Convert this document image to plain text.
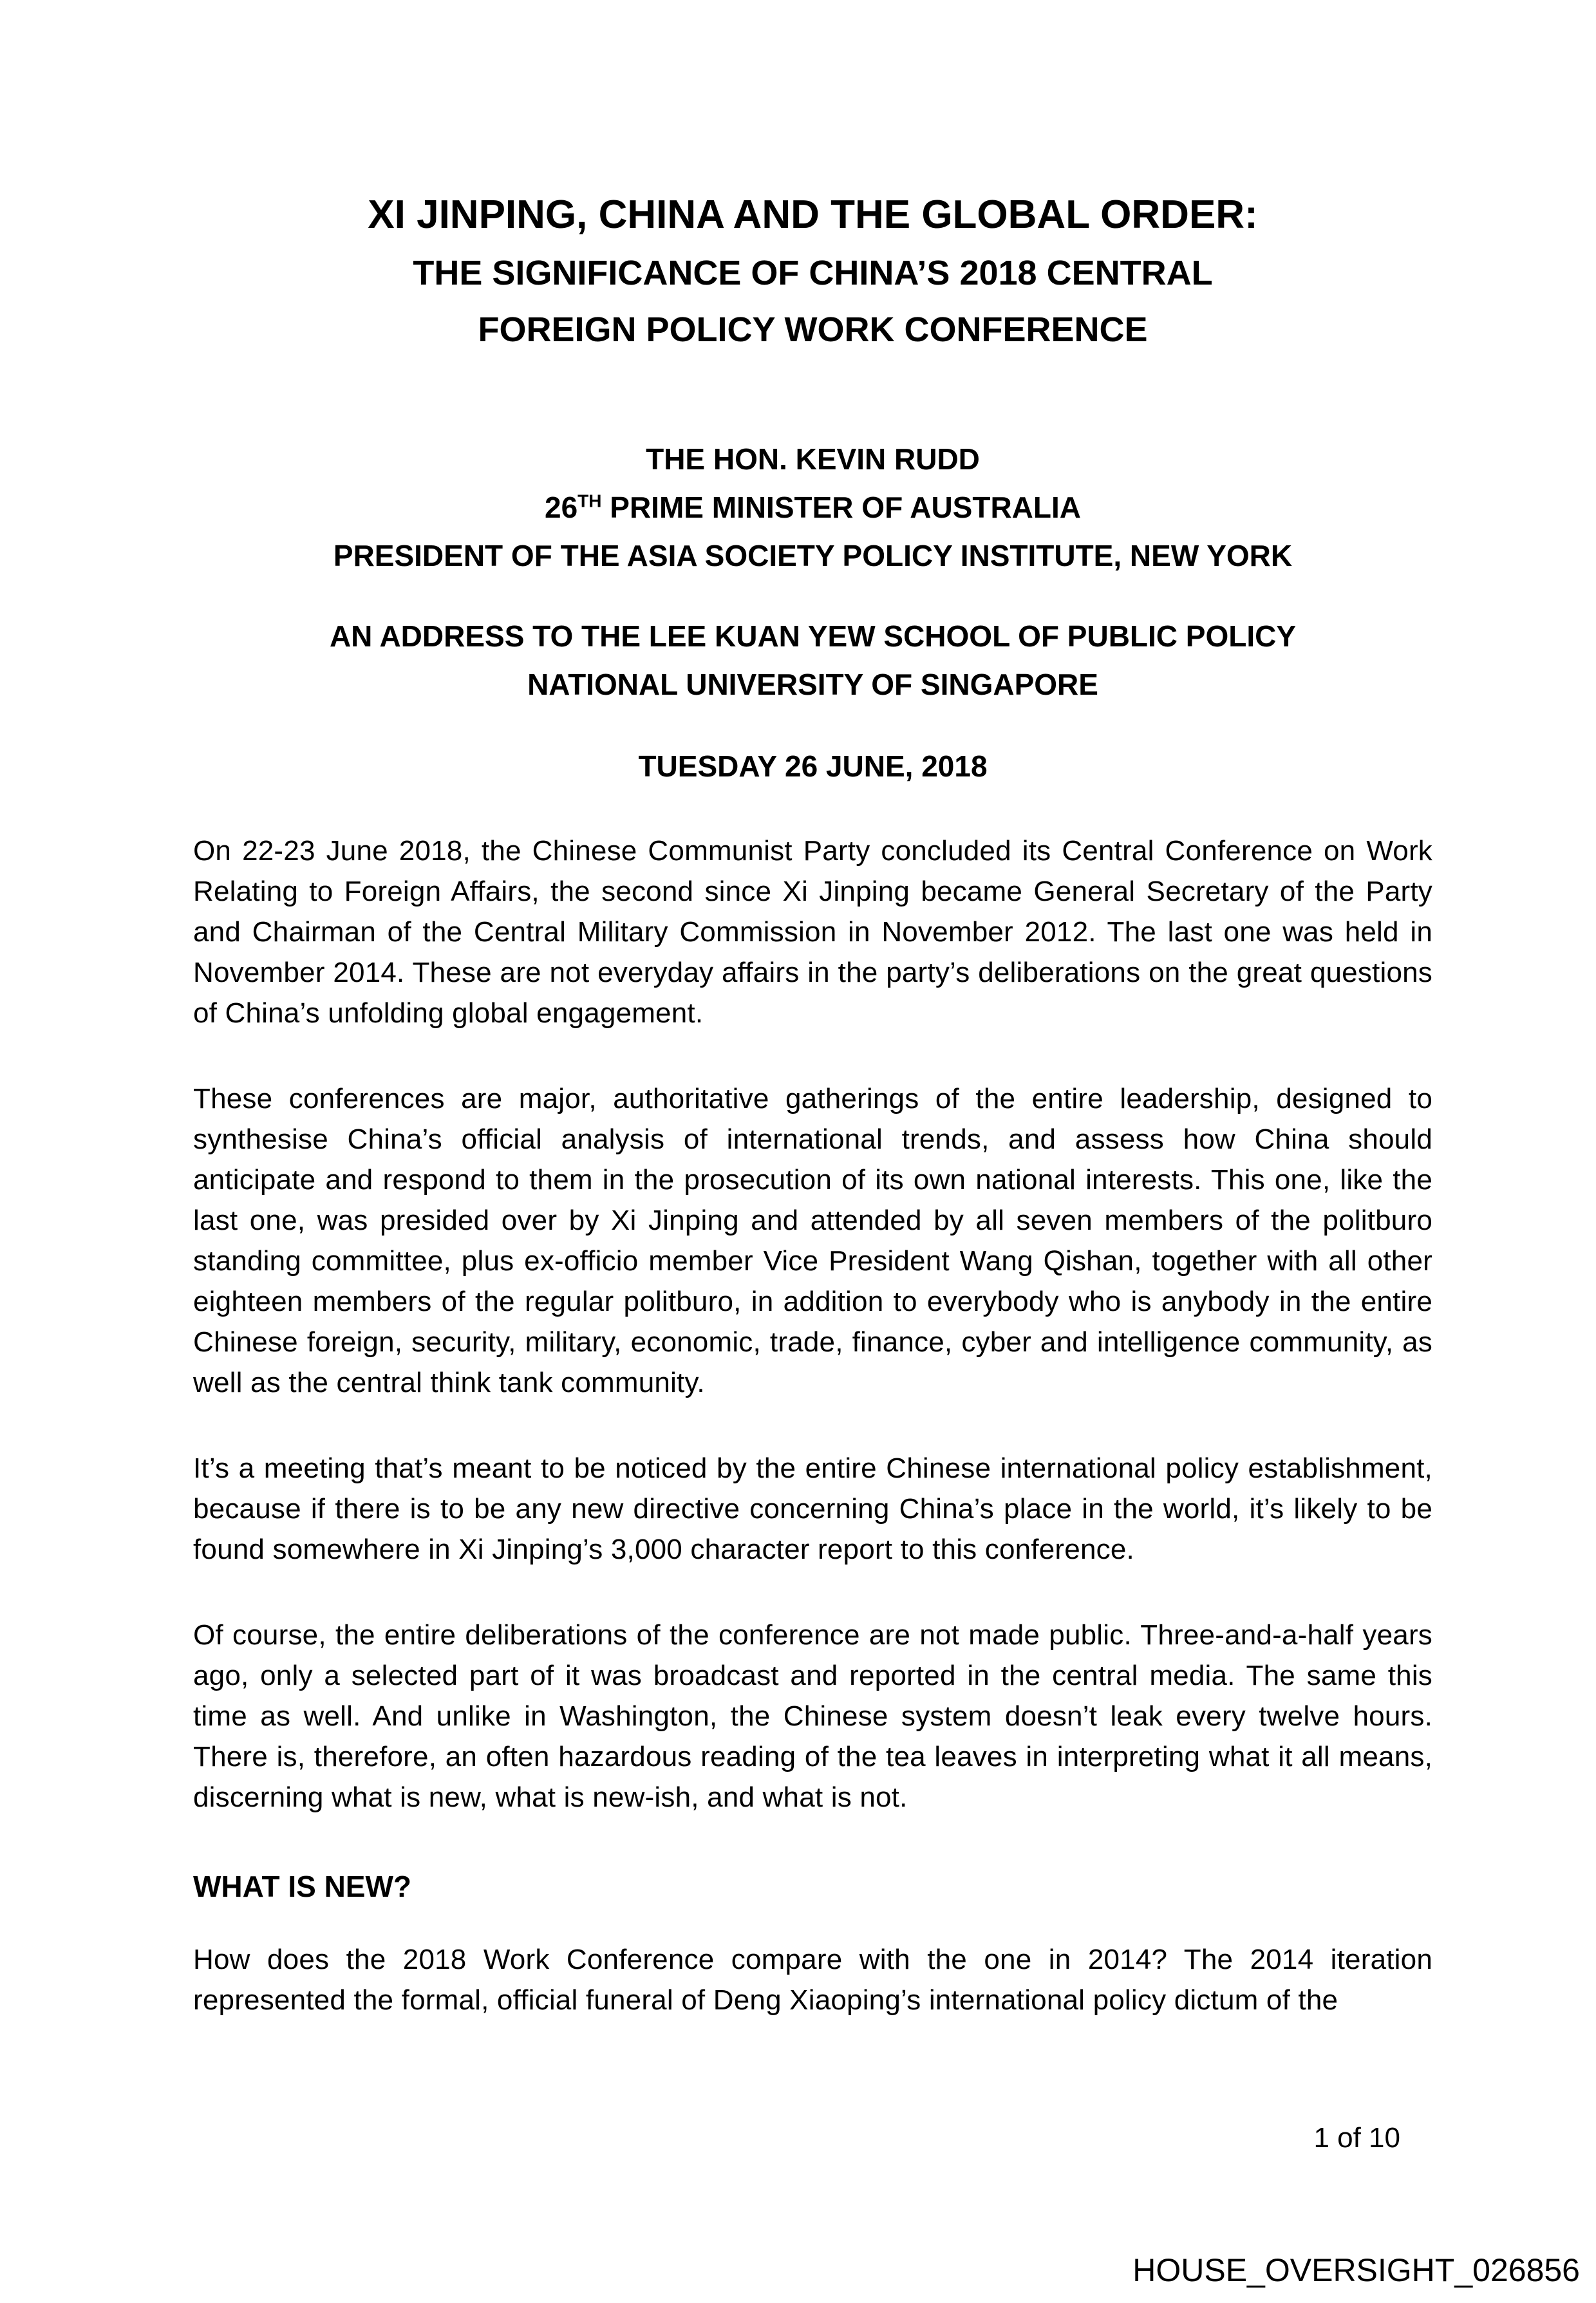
XI JINPING, CHINA AND THE GLOBAL ORDER:
THE SIGNIFICANCE OF CHINA’S 2018 CENTRAL
FOREIGN POLICY WORK CONFERENCE
THE HON. KEVIN RUDD
26TH PRIME MINISTER OF AUSTRALIA
PRESIDENT OF THE ASIA SOCIETY POLICY INSTITUTE, NEW YORK
AN ADDRESS TO THE LEE KUAN YEW SCHOOL OF PUBLIC POLICY
NATIONAL UNIVERSITY OF SINGAPORE
TUESDAY 26 JUNE, 2018

On 22-23 June 2018, the Chinese Communist Party concluded its Central Conference on Work Relating to Foreign Affairs, the second since Xi Jinping became General Secretary of the Party and Chairman of the Central Military Commission in November 2012. The last one was held in November 2014. These are not everyday affairs in the party’s deliberations on the great questions of China’s unfolding global engagement.

These conferences are major, authoritative gatherings of the entire leadership, designed to synthesise China’s official analysis of international trends, and assess how China should anticipate and respond to them in the prosecution of its own national interests. This one, like the last one, was presided over by Xi Jinping and attended by all seven members of the politburo standing committee, plus ex-officio member Vice President Wang Qishan, together with all other eighteen members of the regular politburo, in addition to everybody who is anybody in the entire Chinese foreign, security, military, economic, trade, finance, cyber and intelligence community, as well as the central think tank community.

It’s a meeting that’s meant to be noticed by the entire Chinese international policy establishment, because if there is to be any new directive concerning China’s place in the world, it’s likely to be found somewhere in Xi Jinping’s 3,000 character report to this conference.

Of course, the entire deliberations of the conference are not made public. Three-and-a-half years ago, only a selected part of it was broadcast and reported in the central media. The same this time as well. And unlike in Washington, the Chinese system doesn’t leak every twelve hours. There is, therefore, an often hazardous reading of the tea leaves in interpreting what it all means, discerning what is new, what is new-ish, and what is not.

WHAT IS NEW?

How does the 2018 Work Conference compare with the one in 2014? The 2014 iteration represented the formal, official funeral of Deng Xiaoping’s international policy dictum of the

1 of 10
HOUSE_OVERSIGHT_026856
